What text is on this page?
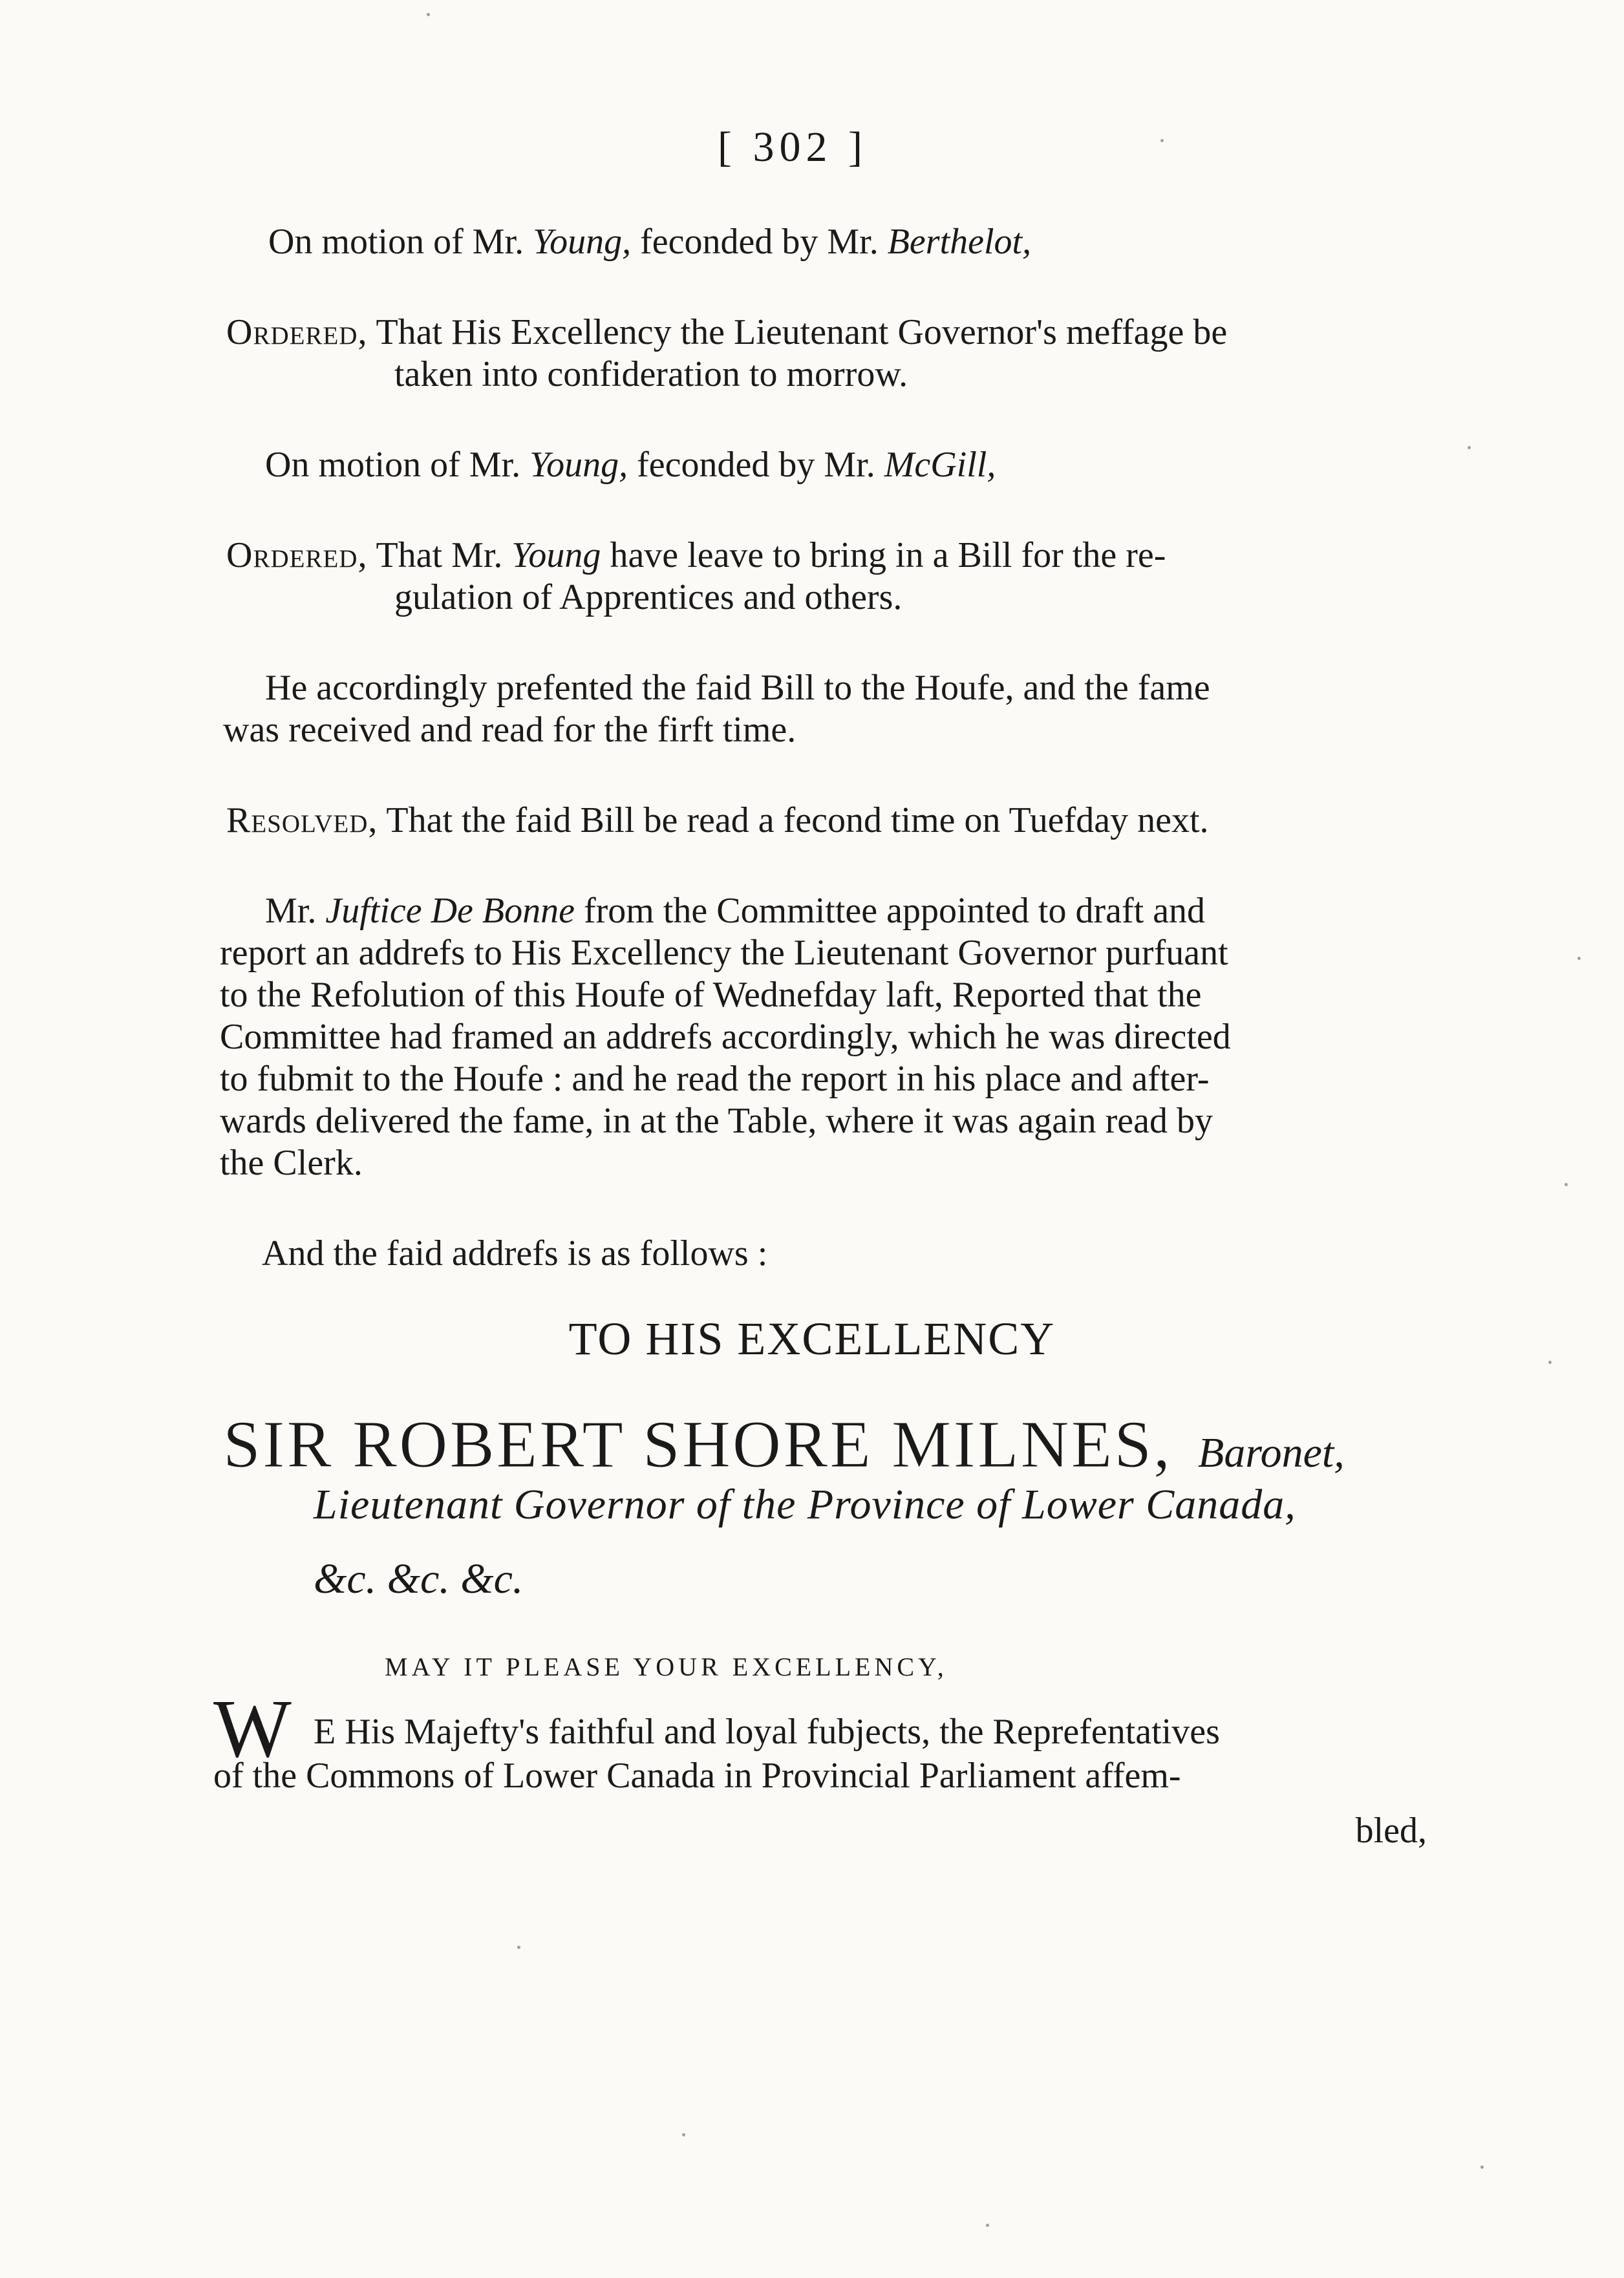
[ 302 ]
On motion of Mr. Young, feconded by Mr. Berthelot,
Ordered, That His Excellency the Lieutenant Governor's meffage be
taken into confideration to morrow.
On motion of Mr. Young, feconded by Mr. McGill,
Ordered, That Mr. Young have leave to bring in a Bill for the re-
gulation of Apprentices and others.
He accordingly prefented the faid Bill to the Houfe, and the fame
was received and read for the firft time.
Resolved, That the faid Bill be read a fecond time on Tuefday next.
Mr. Juftice De Bonne from the Committee appointed to draft and
report an addrefs to His Excellency the Lieutenant Governor purfuant
to the Refolution of this Houfe of Wednefday laft, Reported that the
Committee had framed an addrefs accordingly, which he was directed
to fubmit to the Houfe : and he read the report in his place and after-
wards delivered the fame, in at the Table, where it was again read by
the Clerk.
And the faid addrefs is as follows :
TO HIS EXCELLENCY
SIR ROBERT SHORE MILNES, Baronet,
Lieutenant Governor of the Province of Lower Canada,
&c. &c. &c.
MAY IT PLEASE YOUR EXCELLENCY,
W E His Majefty's faithful and loyal fubjects, the Reprefentatives
of the Commons of Lower Canada in Provincial Parliament affem-
bled,
